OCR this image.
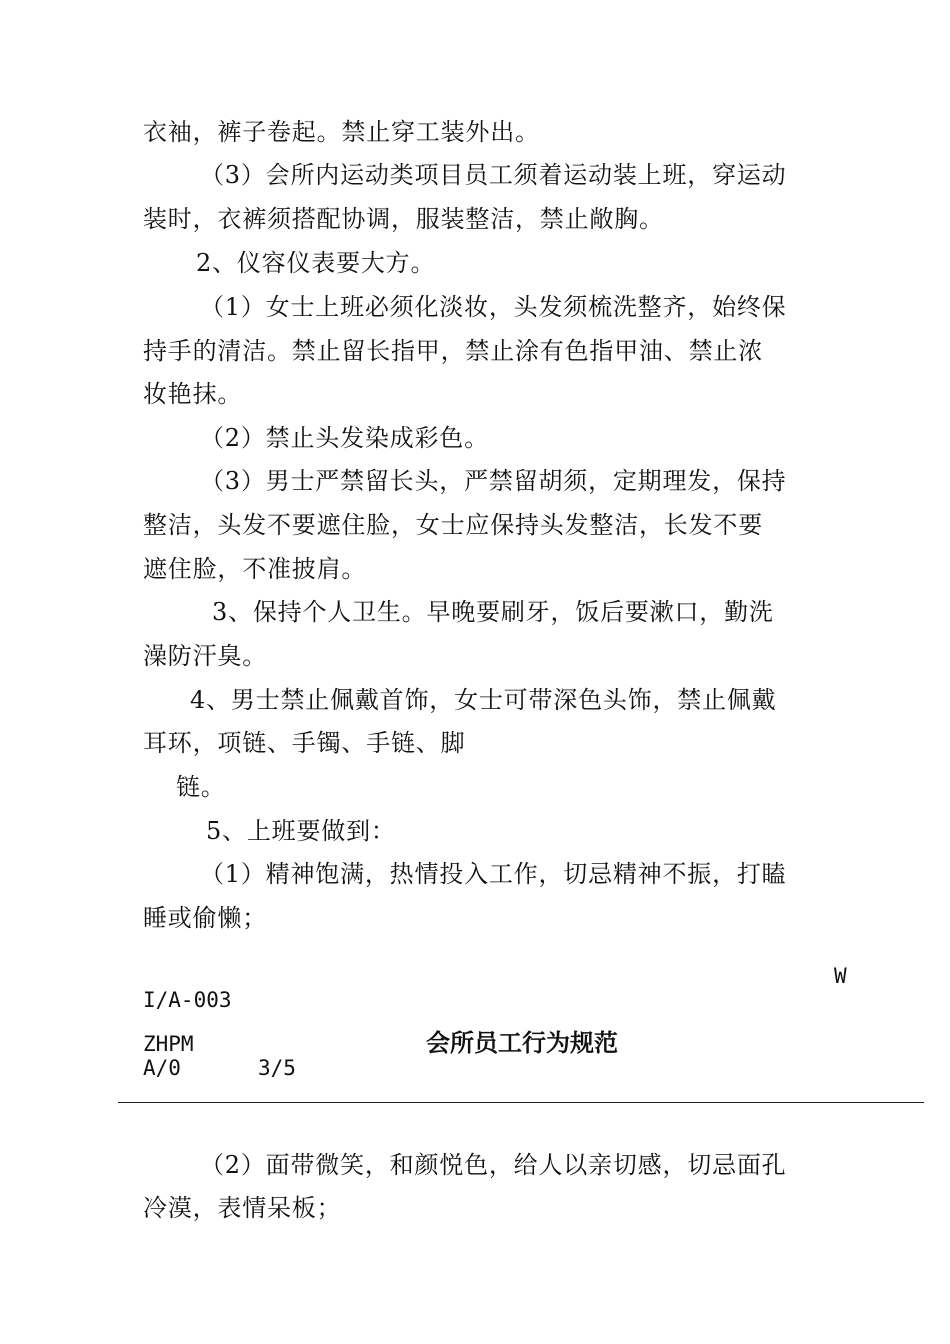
衣袖，裤子卷起。禁止穿工装外出。
（3）会所内运动类项目员工须着运动装上班，穿运动
装时，衣裤须搭配协调，服装整洁，禁止敞胸。
2、仪容仪表要大方。
（1）女士上班必须化淡妆，头发须梳洗整齐，始终保
持手的清洁。禁止留长指甲，禁止涂有色指甲油、禁止浓
妆艳抹。
（2）禁止头发染成彩色。
（3）男士严禁留长头，严禁留胡须，定期理发，保持
整洁，头发不要遮住脸，女士应保持头发整洁，长发不要
遮住脸，不准披肩。
3、保持个人卫生。早晚要刷牙，饭后要漱口，勤洗
澡防汗臭。
4、男士禁止佩戴首饰，女士可带深色头饰，禁止佩戴
耳环，项链、手镯、手链、脚
链。
5、上班要做到：
（1）精神饱满，热情投入工作，切忌精神不振，打瞌
睡或偷懒；
W
I/A-003
ZHPM	会所员工行为规范
A/0	3/5
（2）面带微笑，和颜悦色，给人以亲切感，切忌面孔
冷漠，表情呆板；
